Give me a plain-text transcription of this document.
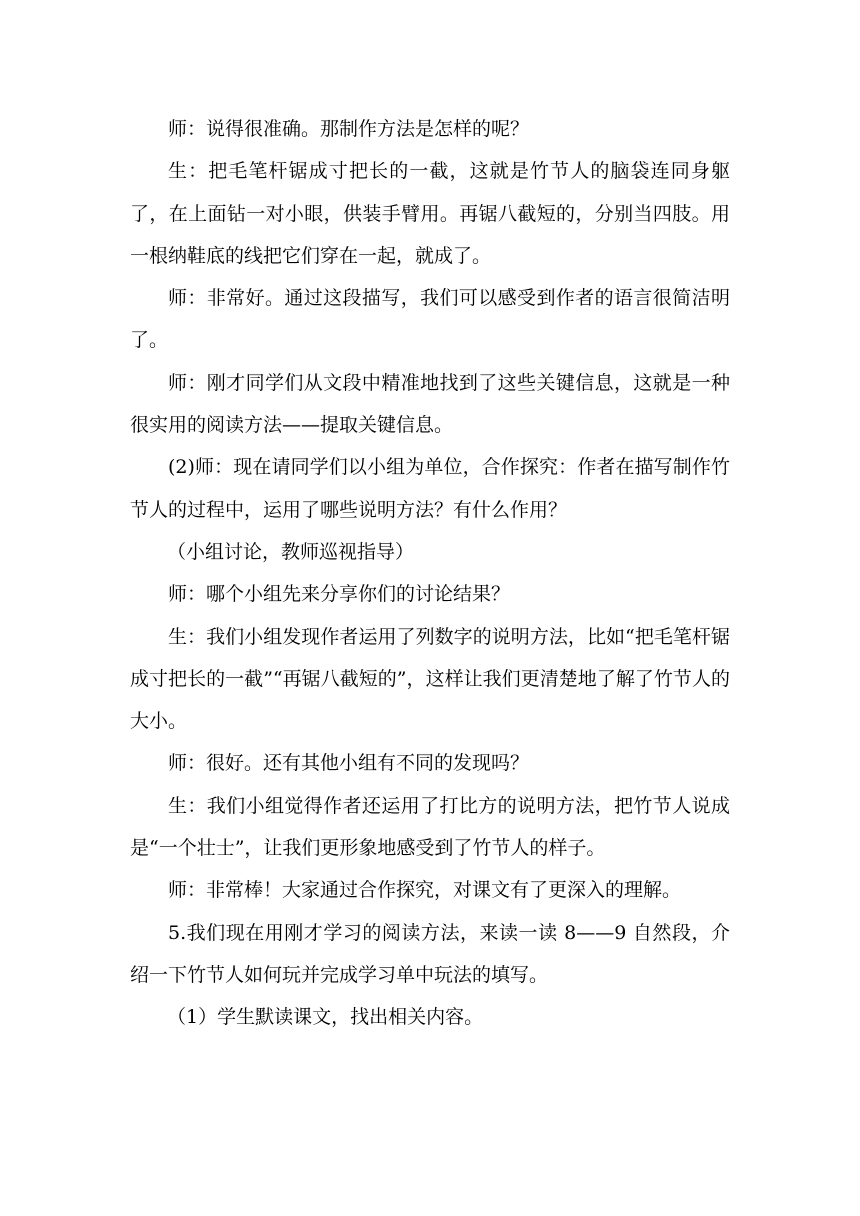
师：说得很准确。那制作方法是怎样的呢？

生：把毛笔杆锯成寸把长的一截，这就是竹节人的脑袋连同身躯了，在上面钻一对小眼，供装手臂用。再锯八截短的，分别当四肢。用一根纳鞋底的线把它们穿在一起，就成了。

师：非常好。通过这段描写，我们可以感受到作者的语言很简洁明了。

师：刚才同学们从文段中精准地找到了这些关键信息，这就是一种很实用的阅读方法——提取关键信息。

(2)师：现在请同学们以小组为单位，合作探究：作者在描写制作竹节人的过程中，运用了哪些说明方法？有什么作用？

（小组讨论，教师巡视指导）

师：哪个小组先来分享你们的讨论结果？

生：我们小组发现作者运用了列数字的说明方法，比如“把毛笔杆锯成寸把长的一截”“再锯八截短的”，这样让我们更清楚地了解了竹节人的大小。

师：很好。还有其他小组有不同的发现吗？

生：我们小组觉得作者还运用了打比方的说明方法，把竹节人说成是“一个壮士”，让我们更形象地感受到了竹节人的样子。

师：非常棒！大家通过合作探究，对课文有了更深入的理解。

5.我们现在用刚才学习的阅读方法，来读一读 8——9 自然段，介绍一下竹节人如何玩并完成学习单中玩法的填写。

（1）学生默读课文，找出相关内容。
